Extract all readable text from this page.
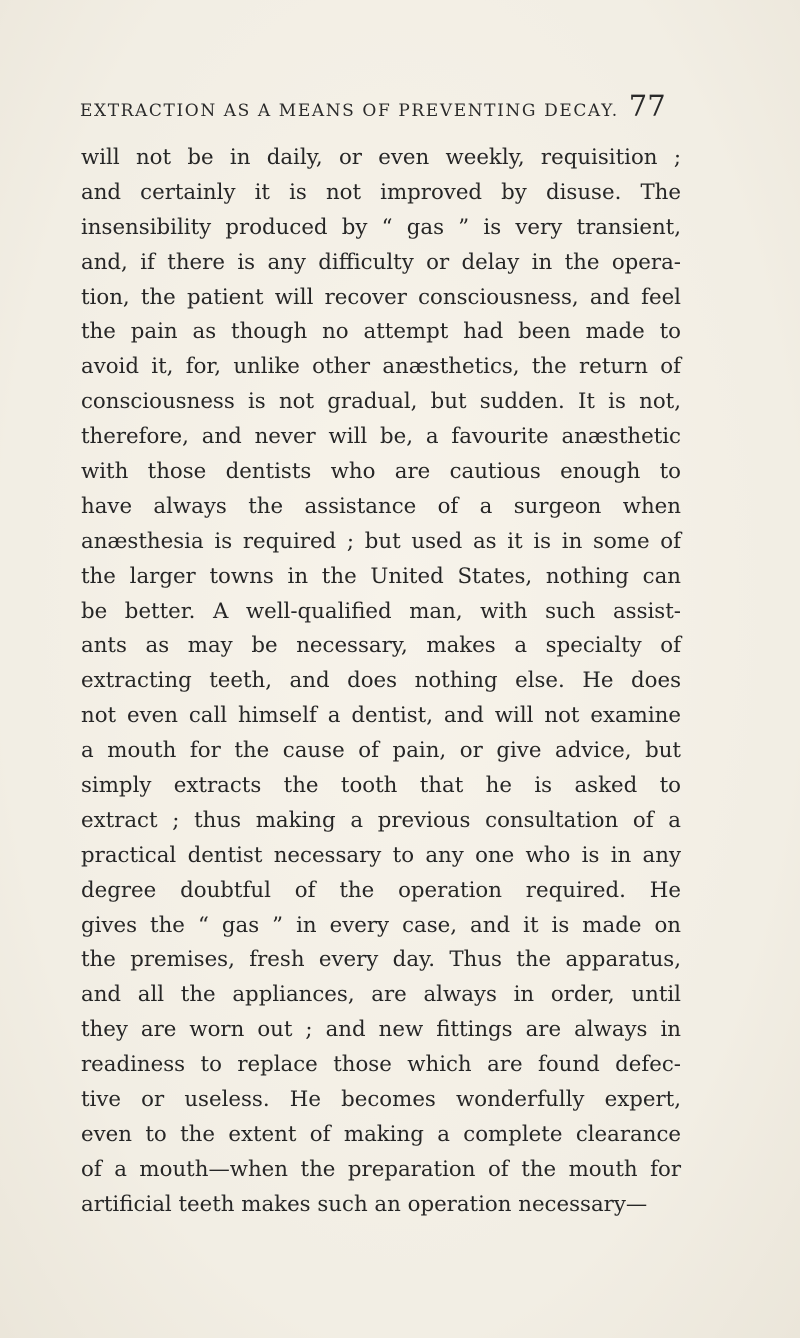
EXTRACTION AS A MEANS OF PREVENTING DECAY. 77
will not be in daily, or even weekly, requisition ;
and certainly it is not improved by disuse. The
insensibility produced by “ gas ” is very transient,
and, if there is any difficulty or delay in the opera-
tion, the patient will recover consciousness, and feel
the pain as though no attempt had been made to
avoid it, for, unlike other anæsthetics, the return of
consciousness is not gradual, but sudden. It is not,
therefore, and never will be, a favourite anæsthetic
with those dentists who are cautious enough to
have always the assistance of a surgeon when
anæsthesia is required ; but used as it is in some of
the larger towns in the United States, nothing can
be better. A well-qualified man, with such assist-
ants as may be necessary, makes a specialty of
extracting teeth, and does nothing else. He does
not even call himself a dentist, and will not examine
a mouth for the cause of pain, or give advice, but
simply extracts the tooth that he is asked to
extract ; thus making a previous consultation of a
practical dentist necessary to any one who is in any
degree doubtful of the operation required. He
gives the “ gas ” in every case, and it is made on
the premises, fresh every day. Thus the apparatus,
and all the appliances, are always in order, until
they are worn out ; and new fittings are always in
readiness to replace those which are found defec-
tive or useless. He becomes wonderfully expert,
even to the extent of making a complete clearance
of a mouth—when the preparation of the mouth for
artificial teeth makes such an operation necessary—
